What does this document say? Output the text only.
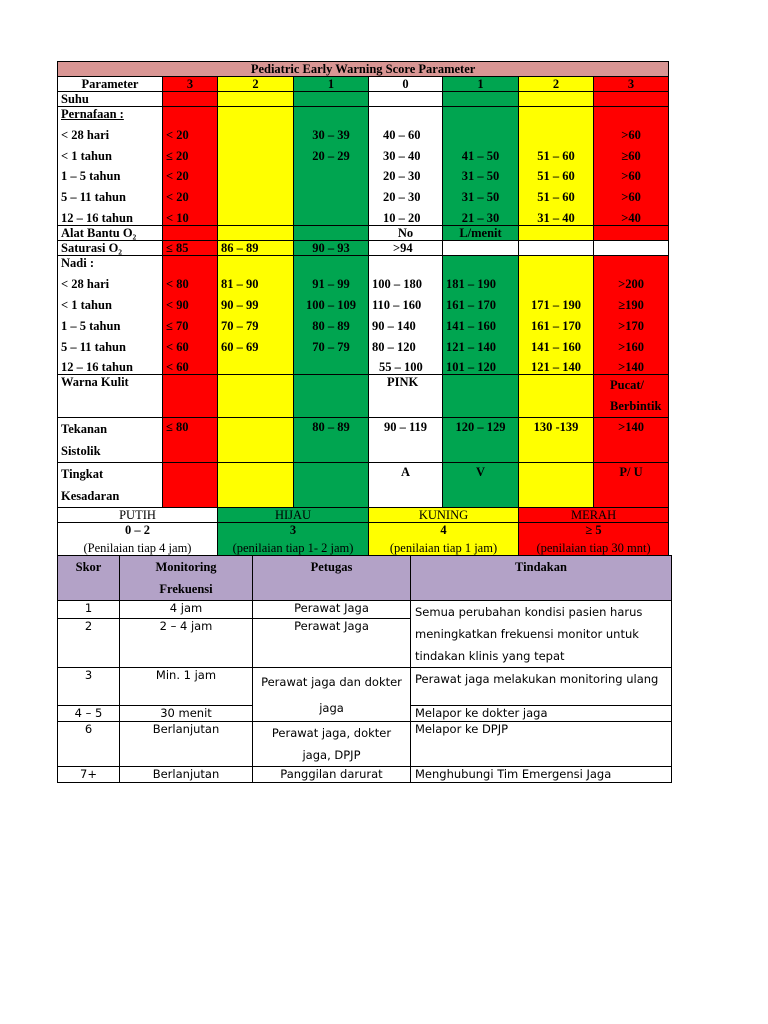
Pediatric Early Warning Score Parameter							
Parameter	3	2	1	0	1	2	3
Suhu							
Pernafaan :							
< 28 hari	< 20		30 – 39	40 – 60			>60
< 1 tahun	≤ 20		20 – 29	30 – 40	41 – 50	51 – 60	≥60
1 – 5 tahun	< 20			20 – 30	31 – 50	51 – 60	>60
5 – 11 tahun	< 20			20 – 30	31 – 50	51 – 60	>60
12 – 16 tahun	< 10			10 – 20	21 – 30	31 – 40	>40
Alat Bantu O₂				No	L/menit		
Saturasi O₂	≤ 85	86 – 89	90 – 93	>94			
Nadi :							
< 28 hari	< 80	81 – 90	91 – 99	100 – 180	181 – 190		>200
< 1 tahun	< 90	90 – 99	100 – 109	110 – 160	161 – 170	171 – 190	≥190
1 – 5 tahun	≤ 70	70 – 79	80 – 89	90 – 140	141 – 160	161 – 170	>170
5 – 11 tahun	< 60	60 – 69	70 – 79	80 – 120	121 – 140	141 – 160	>160
12 – 16 tahun	< 60			55 – 100	101 – 120	121 – 140	>140
Warna Kulit				PINK			Pucat/
Berbintik
Tekanan
Sistolik	≤ 80		80 – 89	90 – 119	120 – 129	130 -139	>140
Tingkat
Kesadaran				A	V		P/ U
PUTIH		HIJAU		KUNING		MERAH	
0 – 2		3		4		≥ 5	
(Penilaian tiap 4 jam)		(penilaian tiap 1- 2 jam)		(penilaian tiap 1 jam)		(penilaian tiap 30 mnt)	
Skor	Monitoring
Frekuensi	Petugas	Tindakan
1	4 jam	Perawat Jaga	Semua perubahan kondisi pasien harus meningkatkan frekuensi monitor untuk tindakan klinis yang tepat
2	2 – 4 jam	Perawat Jaga	
3	Min. 1 jam	Perawat jaga dan dokter jaga	Perawat jaga melakukan monitoring ulang
4 – 5	30 menit		Melapor ke dokter jaga
6	Berlanjutan	Perawat jaga, dokter jaga, DPJP	Melapor ke DPJP
7+	Berlanjutan	Panggilan darurat	Menghubungi Tim Emergensi Jaga
